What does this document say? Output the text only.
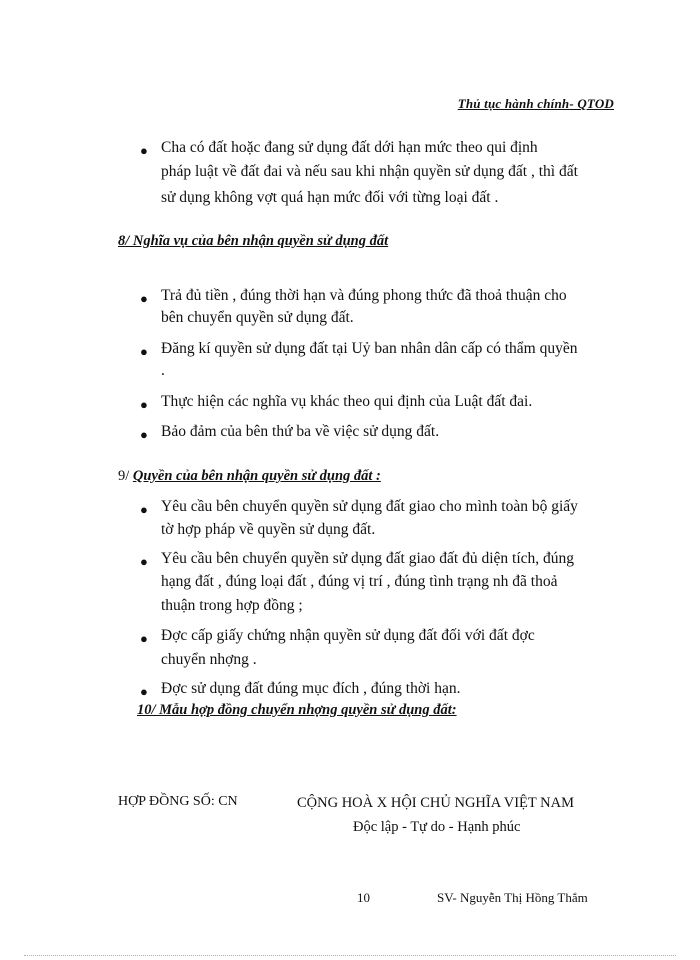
Thủ tục hành chính- QTOD
● Cha có đất hoặc đang sử dụng đất dới hạn mức theo qui định
pháp luật về đất đai và nếu sau khi nhận quyền sử dụng đất , thì đất
sử dụng không vợt quá hạn mức đối với từng loại đất .
8/ Nghĩa vụ của bên nhận quyền sử dụng đất
● Trả đủ tiền , đúng thời hạn và đúng phong thức đã thoả thuận cho
bên chuyển quyền sử dụng đất.
● Đăng kí quyền sử dụng đất tại Uỷ ban nhân dân cấp có thẩm quyền
.
● Thực hiện các nghĩa vụ khác theo qui định của Luật đất đai.
● Bảo đảm của bên thứ ba về việc sử dụng đất.
9/ Quyền của bên nhận quyền sử dụng đất :
● Yêu cầu bên chuyển quyền sử dụng đất giao cho mình toàn bộ giấy
tờ hợp pháp về quyền sử dụng đất.
● Yêu cầu bên chuyển quyền sử dụng đất giao đất đủ diện tích, đúng
hạng đất , đúng loại đất , đúng vị trí , đúng tình trạng nh đã thoả
thuận trong hợp đồng ;
● Đợc cấp giấy chứng nhận quyền sử dụng đất đối với đất đợc
chuyển nhợng .
● Đợc sử dụng đất đúng mục đích , đúng thời hạn.
10/ Mẫu hợp đồng chuyển nhợng quyền sử dụng đất:
HỢP ĐỒNG SỐ: CN	CỘNG HOÀ X HỘI CHỦ NGHĨA VIỆT NAM
Độc lập - Tự do - Hạnh phúc
10	SV- Nguyễn Thị Hồng Thắm
